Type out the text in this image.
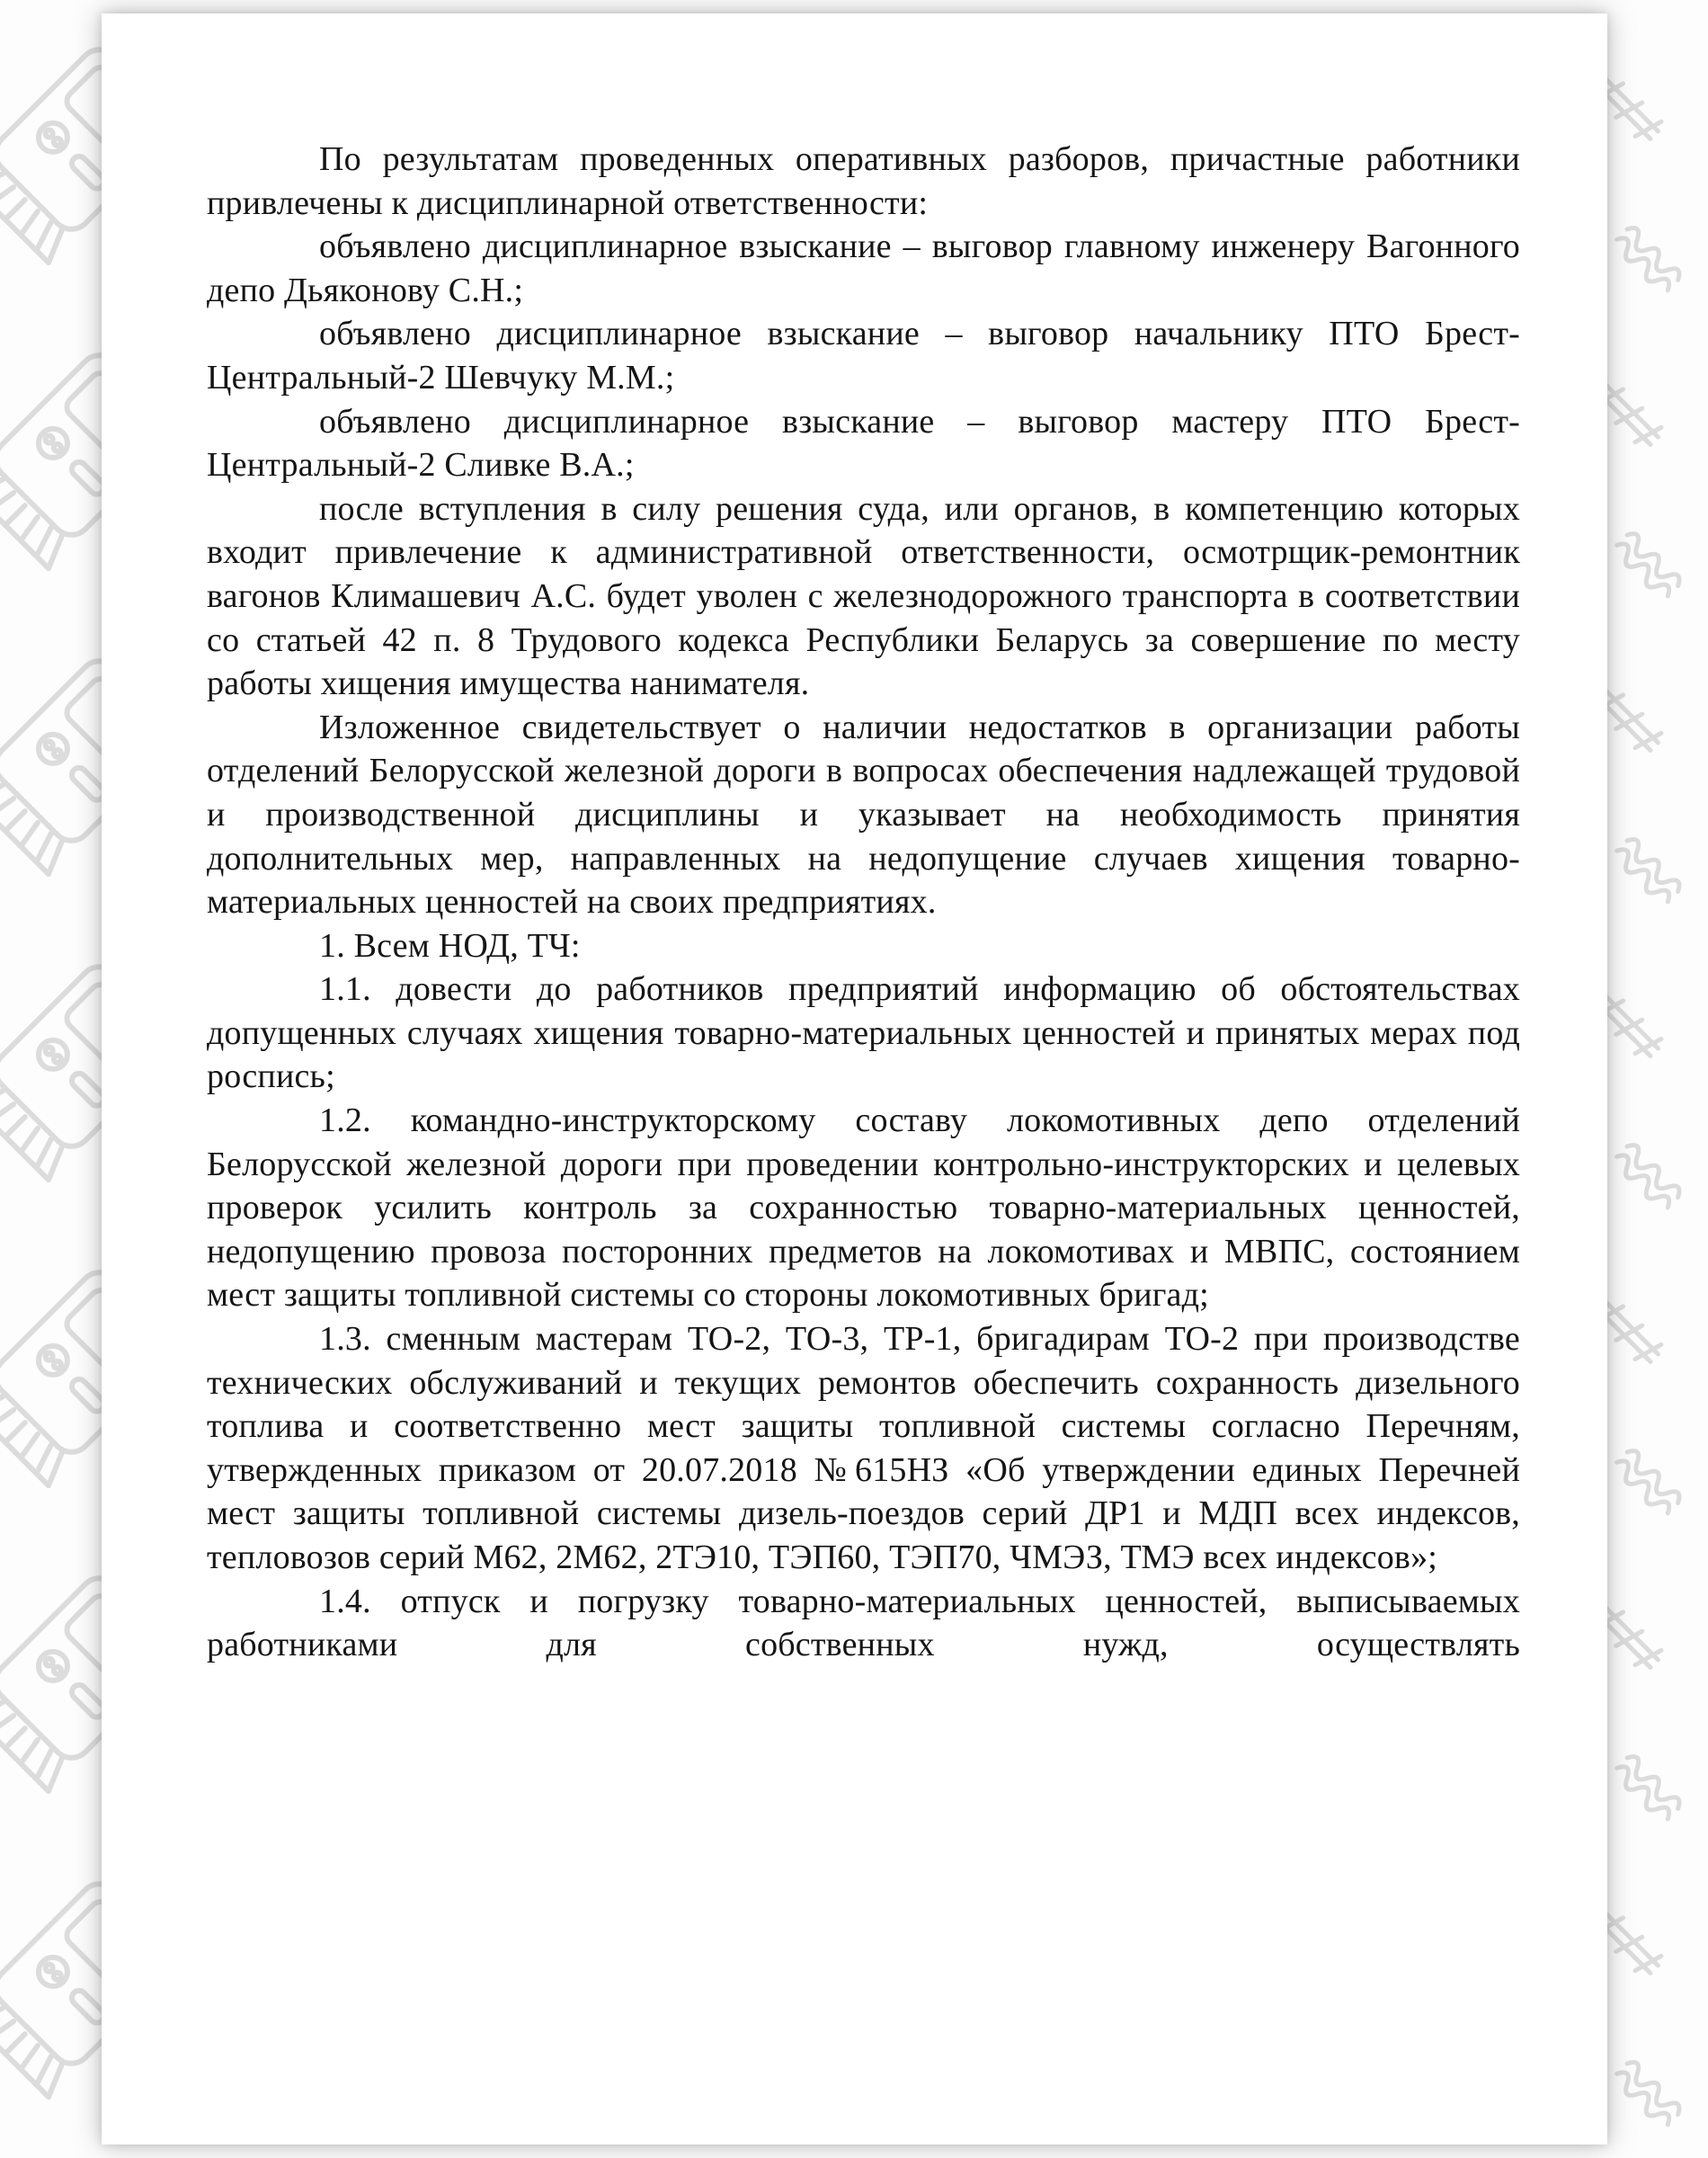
По результатам проведенных оперативных разборов, причастные работники привлечены к дисциплинарной ответственности:

объявлено дисциплинарное взыскание – выговор главному инженеру Вагонного депо Дьяконову С.Н.;

объявлено дисциплинарное взыскание – выговор начальнику ПТО Брест-Центральный-2 Шевчуку М.М.;

объявлено дисциплинарное взыскание – выговор мастеру ПТО Брест-Центральный-2 Сливке В.А.;

после вступления в силу решения суда, или органов, в компетенцию которых входит привлечение к административной ответственности, осмотрщик-ремонтник вагонов Климашевич А.С. будет уволен с железнодорожного транспорта в соответствии со статьей 42 п. 8 Трудового кодекса Республики Беларусь за совершение по месту работы хищения имущества нанимателя.

Изложенное свидетельствует о наличии недостатков в организации работы отделений Белорусской железной дороги в вопросах обеспечения надлежащей трудовой и производственной дисциплины и указывает на необходимость принятия дополнительных мер, направленных на недопущение случаев хищения товарно-материальных ценностей на своих предприятиях.

1. Всем НОД, ТЧ:

1.1. довести до работников предприятий информацию об обстоятельствах допущенных случаях хищения товарно-материальных ценностей и принятых мерах под роспись;

1.2. командно-инструкторскому составу локомотивных депо отделений Белорусской железной дороги при проведении контрольно-инструкторских и целевых проверок усилить контроль за сохранностью товарно-материальных ценностей, недопущению провоза посторонних предметов на локомотивах и МВПС, состоянием мест защиты топливной системы со стороны локомотивных бригад;

1.3. сменным мастерам ТО-2, ТО-3, ТР-1, бригадирам ТО-2 при производстве технических обслуживаний и текущих ремонтов обеспечить сохранность дизельного топлива и соответственно мест защиты топливной системы согласно Перечням, утвержденных приказом от 20.07.2018 №615НЗ «Об утверждении единых Перечней мест защиты топливной системы дизель-поездов серий ДР1 и МДП всех индексов, тепловозов серий М62, 2М62, 2ТЭ10, ТЭП60, ТЭП70, ЧМЭЗ, ТМЭ всех индексов»;

1.4. отпуск и погрузку товарно-материальных ценностей, выписываемых работниками для собственных нужд, осуществлять
